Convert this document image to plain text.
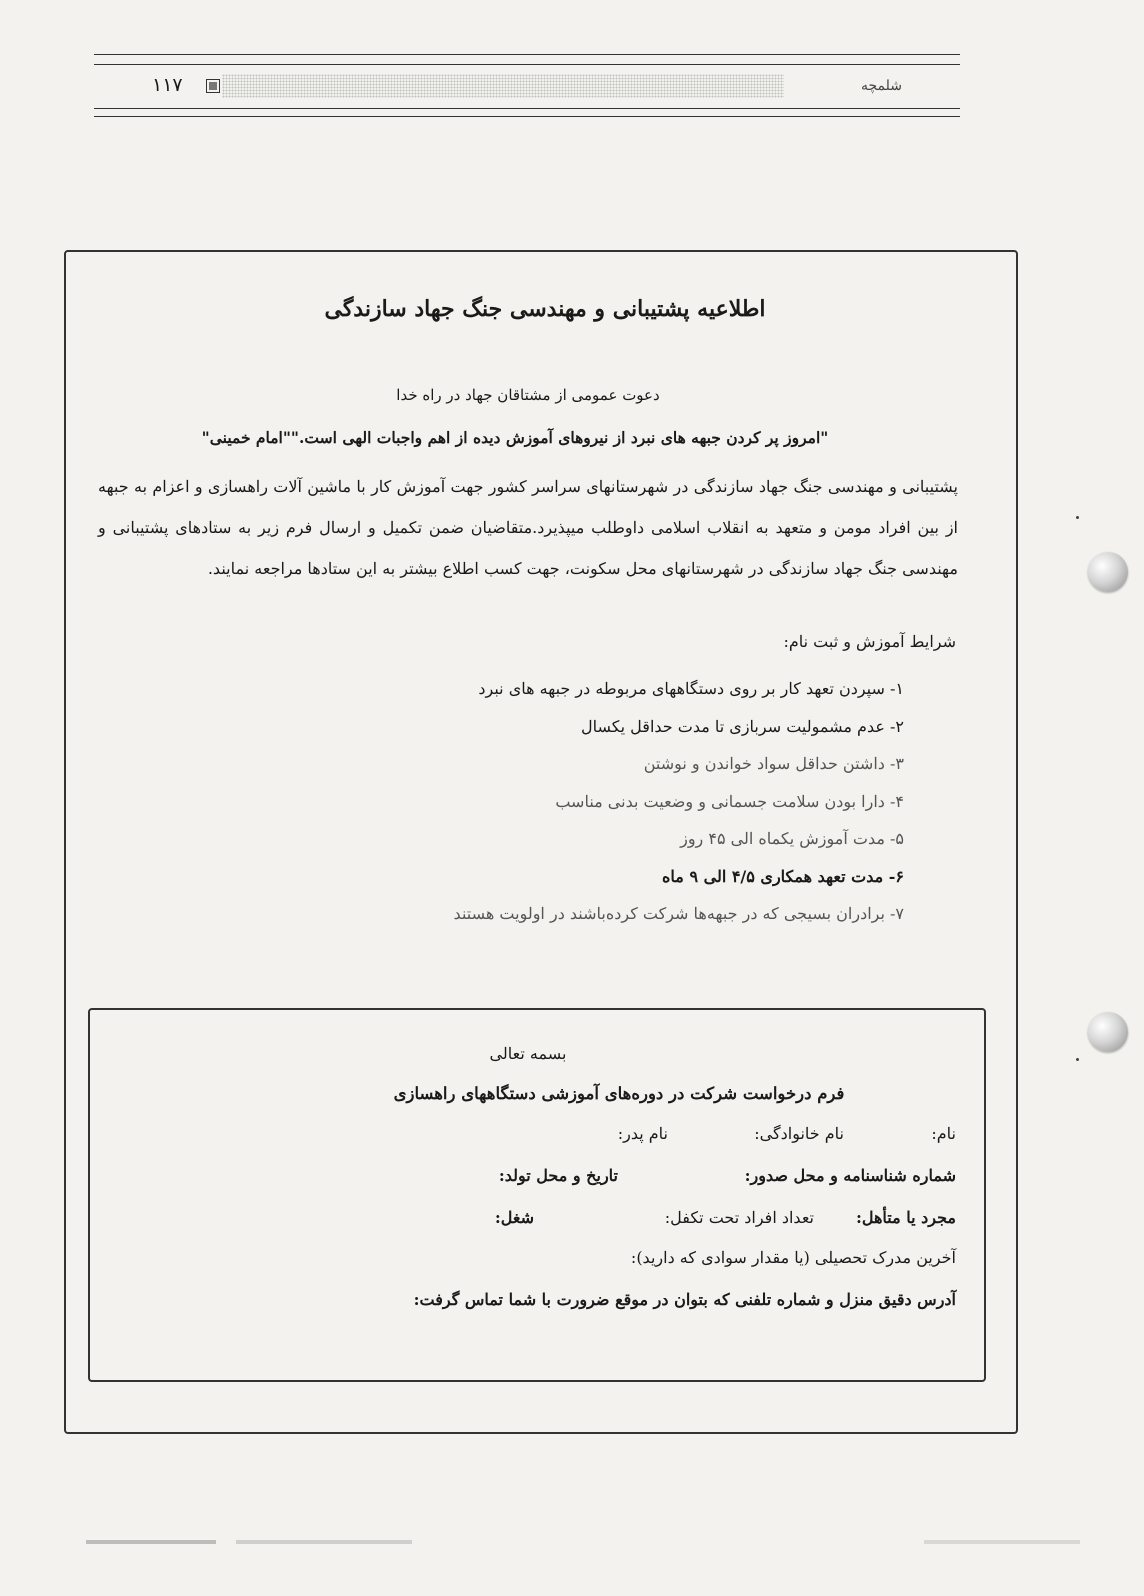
۱۱۷	شلمچه
اطلاعیه پشتیبانی و مهندسی جنگ جهاد سازندگی
دعوت عمومی از مشتاقان جهاد در راه خدا
"امروز پر کردن جبهه های نبرد از نیروهای آموزش دیده از اهم واجبات الهی است.""امام خمینی"
پشتیبانی و مهندسی جنگ جهاد سازندگی در شهرستانهای سراسر کشور جهت آموزش کار با ماشین آلات راهسازی و اعزام به جبهه از بین افراد مومن و متعهد به انقلاب اسلامی داوطلب میپذیرد.متقاضیان ضمن تکمیل و ارسال فرم زیر به ستادهای پشتیبانی و مهندسی جنگ جهاد سازندگی در شهرستانهای محل سکونت، جهت کسب اطلاع بیشتر به این ستادها مراجعه نمایند.
شرایط آموزش و ثبت نام:
۱- سپردن تعهد کار بر روی دستگاههای مربوطه در جبهه های نبرد
۲- عدم مشمولیت سربازی تا مدت حداقل یکسال
۳- داشتن حداقل سواد خواندن و نوشتن
۴- دارا بودن سلامت جسمانی و وضعیت بدنی مناسب
۵- مدت آموزش یکماه الی ۴۵ روز
۶- مدت تعهد همکاری ۴/۵ الی ۹ ماه
۷- برادران بسیجی که در جبهه‌ها شرکت کرده‌باشند در اولویت هستند
بسمه تعالی
فرم درخواست شرکت در دوره‌های آموزشی دستگاههای راهسازی
نام:
نام خانوادگی:
نام پدر:
شماره شناسنامه و محل صدور:
تاریخ و محل تولد:
مجرد یا متأهل:
تعداد افراد تحت تکفل:
شغل:
آخرین مدرک تحصیلی (یا مقدار سوادی که دارید):
آدرس دقیق منزل و شماره تلفنی که بتوان در موقع ضرورت با شما تماس گرفت:
